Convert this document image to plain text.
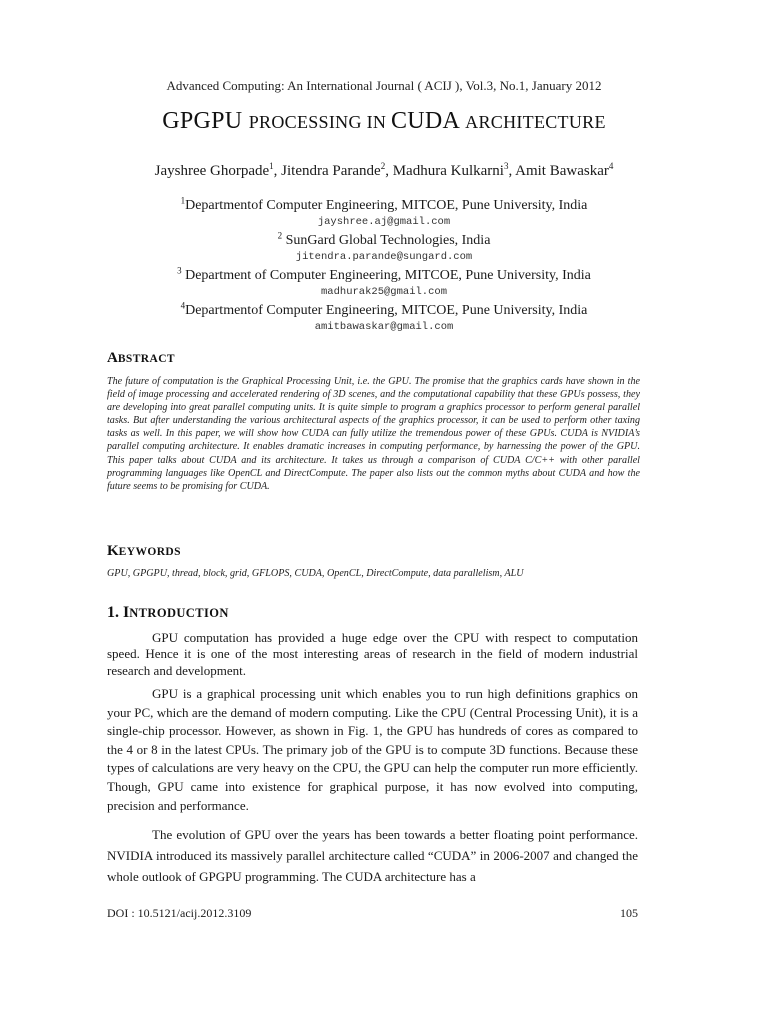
Advanced Computing: An International Journal ( ACIJ ), Vol.3, No.1, January 2012
GPGPU PROCESSING IN CUDA ARCHITECTURE
Jayshree Ghorpade$^1$, Jitendra Parande$^2$, Madhura Kulkarni$^3$, Amit Bawaskar$^4$

$^1$Departmentof Computer Engineering, MITCOE, Pune University, India

jayshree.aj@gmail.com

$^2$ SunGard Global Technologies, India

jitendra.parande@sungard.com

$^3$ Department of Computer Engineering, MITCOE, Pune University, India

madhurak25@gmail.com

$^4$Departmentof Computer Engineering, MITCOE, Pune University, India

amitbawaskar@gmail.com

ABSTRACT

The future of computation is the Graphical Processing Unit, i.e. the GPU. The promise that the graphics cards have shown in the field of image processing and accelerated rendering of 3D scenes, and the computational capability that these GPUs possess, they are developing into great parallel computing units. It is quite simple to program a graphics processor to perform general parallel tasks. But after understanding the various architectural aspects of the graphics processor, it can be used to perform other taxing tasks as well. In this paper, we will show how CUDA can fully utilize the tremendous power of these GPUs. CUDA is NVIDIA’s parallel computing architecture. It enables dramatic increases in computing performance, by harnessing the power of the GPU. This paper talks about CUDA and its architecture. It takes us through a comparison of CUDA C/C++ with other parallel programming languages like OpenCL and DirectCompute. The paper also lists out the common myths about CUDA and how the future seems to be promising for CUDA.

KEYWORDS

GPU, GPGPU, thread, block, grid, GFLOPS, CUDA, OpenCL, DirectCompute, data parallelism, ALU

1. INTRODUCTION

GPU computation has provided a huge edge over the CPU with respect to computation speed. Hence it is one of the most interesting areas of research in the field of modern industrial research and development.

GPU is a graphical processing unit which enables you to run high definitions graphics on your PC, which are the demand of modern computing. Like the CPU (Central Processing Unit), it is a single-chip processor. However, as shown in Fig. 1, the GPU has hundreds of cores as compared to the 4 or 8 in the latest CPUs. The primary job of the GPU is to compute 3D functions. Because these types of calculations are very heavy on the CPU, the GPU can help the computer run more efficiently. Though, GPU came into existence for graphical purpose, it has now evolved into computing, precision and performance.

The evolution of GPU over the years has been towards a better floating point performance. NVIDIA introduced its massively parallel architecture called “CUDA” in 2006-2007 and changed the whole outlook of GPGPU programming. The CUDA architecture has a

DOI : 10.5121/acij.2012.3109	105
